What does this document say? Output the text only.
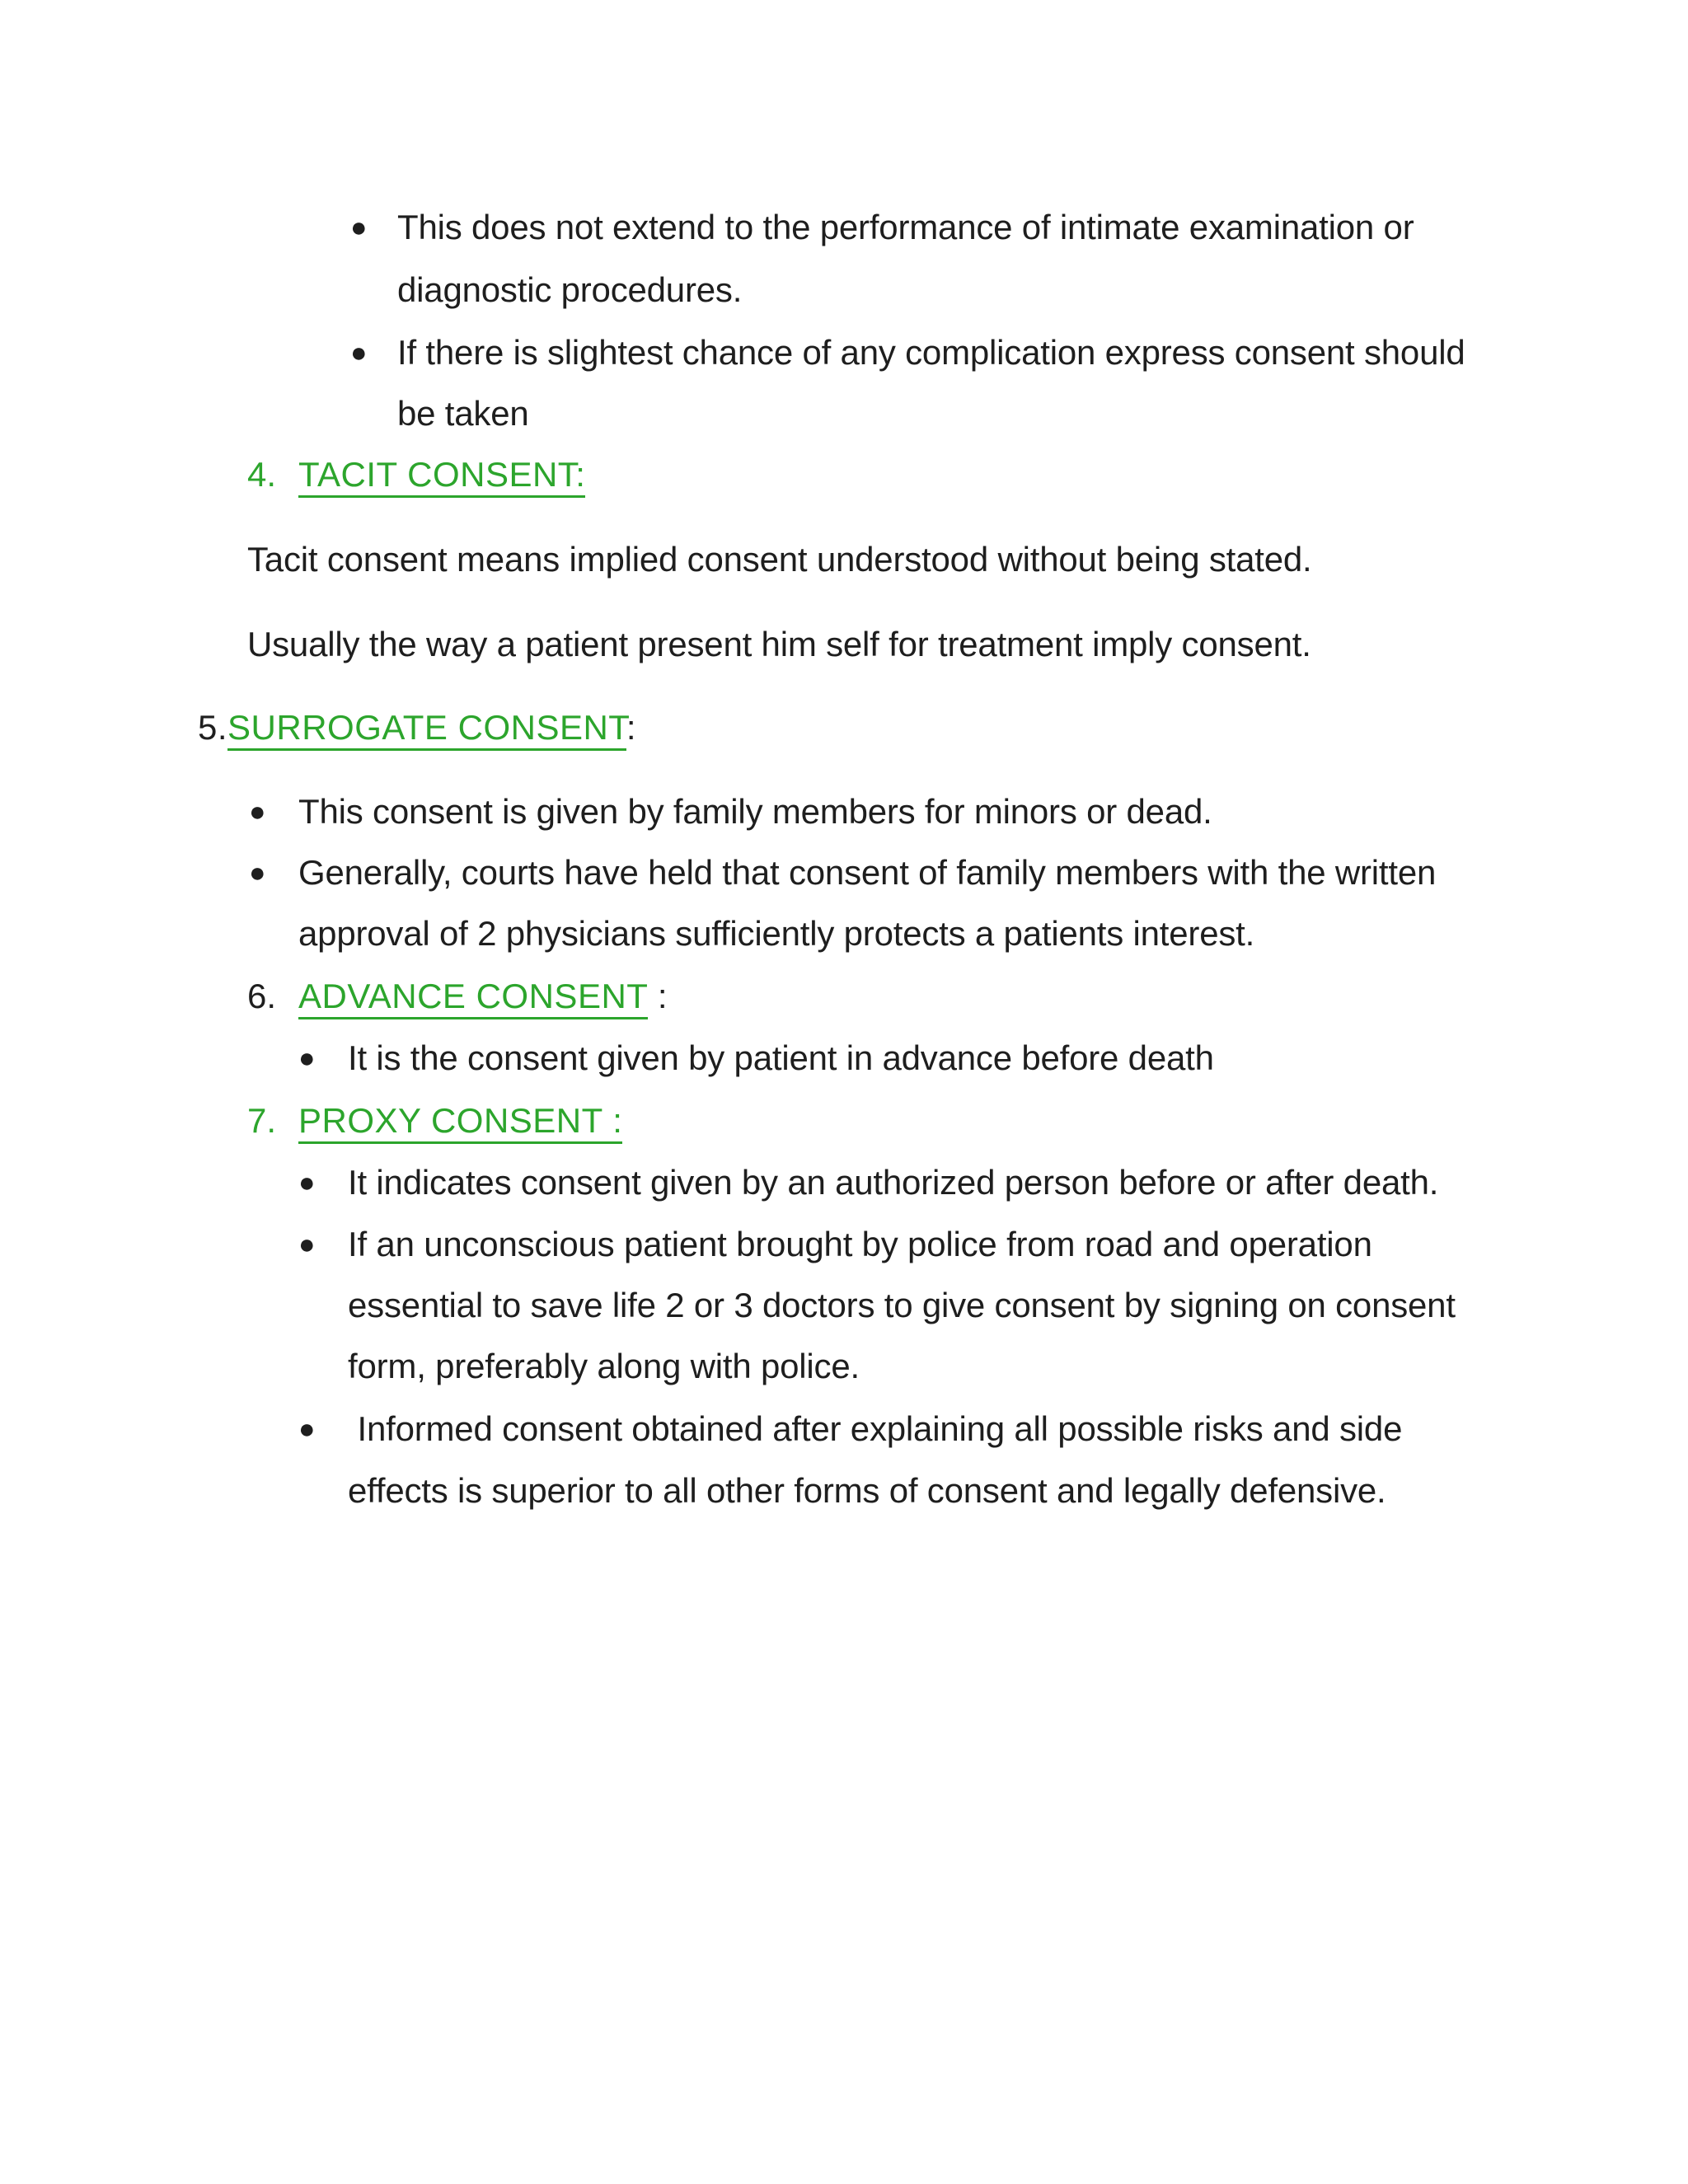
● This does not extend to the performance of intimate examination or
diagnostic procedures.
● If there is slightest chance of any complication express consent should
be taken
4. TACIT CONSENT:
Tacit consent means implied consent understood without being stated.
Usually the way a patient present him self for treatment imply consent.
5.SURROGATE CONSENT:
● This consent is given by family members for minors or dead.
● Generally, courts have held that consent of family members with the written
approval of 2 physicians sufficiently protects a patients interest.
6. ADVANCE CONSENT :
● It is the consent given by patient in advance before death
7. PROXY CONSENT :
● It indicates consent given by an authorized person before or after death.
● If an unconscious patient brought by police from road and operation
essential to save life 2 or 3 doctors to give consent by signing on consent
form, preferably along with police.
● Informed consent obtained after explaining all possible risks and side
effects is superior to all other forms of consent and legally defensive.
